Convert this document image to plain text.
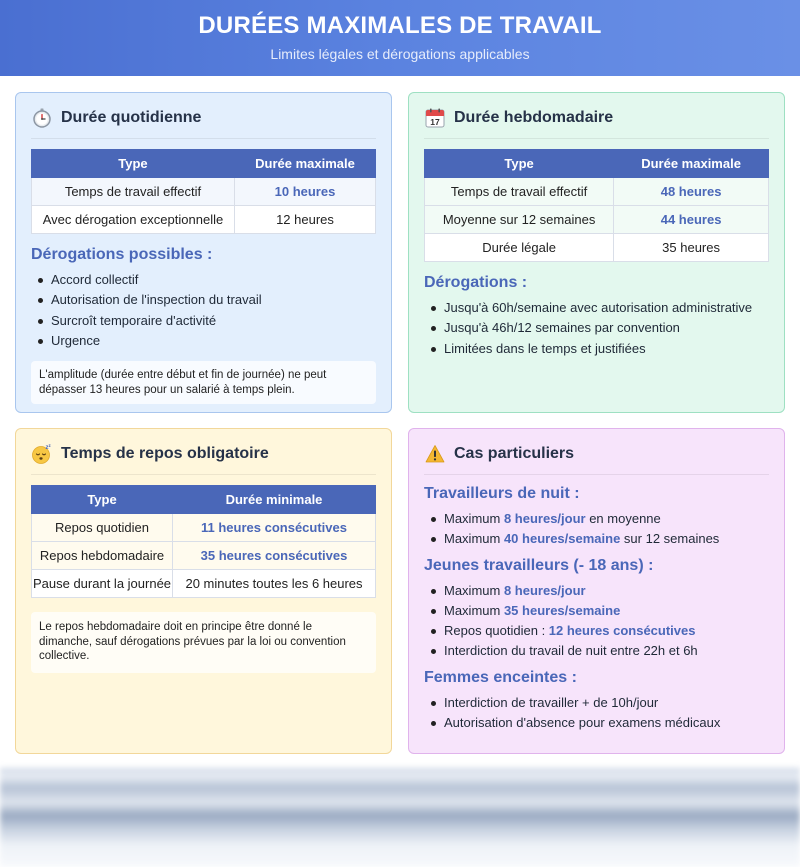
DURÉES MAXIMALES DE TRAVAIL
Limites légales et dérogations applicables
Durée quotidienne
Type	Durée maximale
Temps de travail effectif	10 heures
Avec dérogation exceptionnelle	12 heures
Dérogations possibles :
Accord collectif
Autorisation de l'inspection du travail
Surcroît temporaire d'activité
Urgence
L'amplitude (durée entre début et fin de journée) ne peut dépasser 13 heures pour un salarié à temps plein.
17 Durée hebdomadaire
Type	Durée maximale
Temps de travail effectif	48 heures
Moyenne sur 12 semaines	44 heures
Durée légale	35 heures
Dérogations :
Jusqu'à 60h/semaine avec autorisation administrative
Jusqu'à 46h/12 semaines par convention
Limitées dans le temps et justifiées
z z Temps de repos obligatoire
Type	Durée minimale
Repos quotidien	11 heures consécutives
Repos hebdomadaire	35 heures consécutives
Pause durant la journée	20 minutes toutes les 6 heures
Le repos hebdomadaire doit en principe être donné le dimanche, sauf dérogations prévues par la loi ou convention collective.
Cas particuliers
Travailleurs de nuit :
Maximum 8 heures/jour en moyenne
Maximum 40 heures/semaine sur 12 semaines
Jeunes travailleurs (- 18 ans) :
Maximum 8 heures/jour
Maximum 35 heures/semaine
Repos quotidien : 12 heures consécutives
Interdiction du travail de nuit entre 22h et 6h
Femmes enceintes :
Interdiction de travailler + de 10h/jour
Autorisation d'absence pour examens médicaux
